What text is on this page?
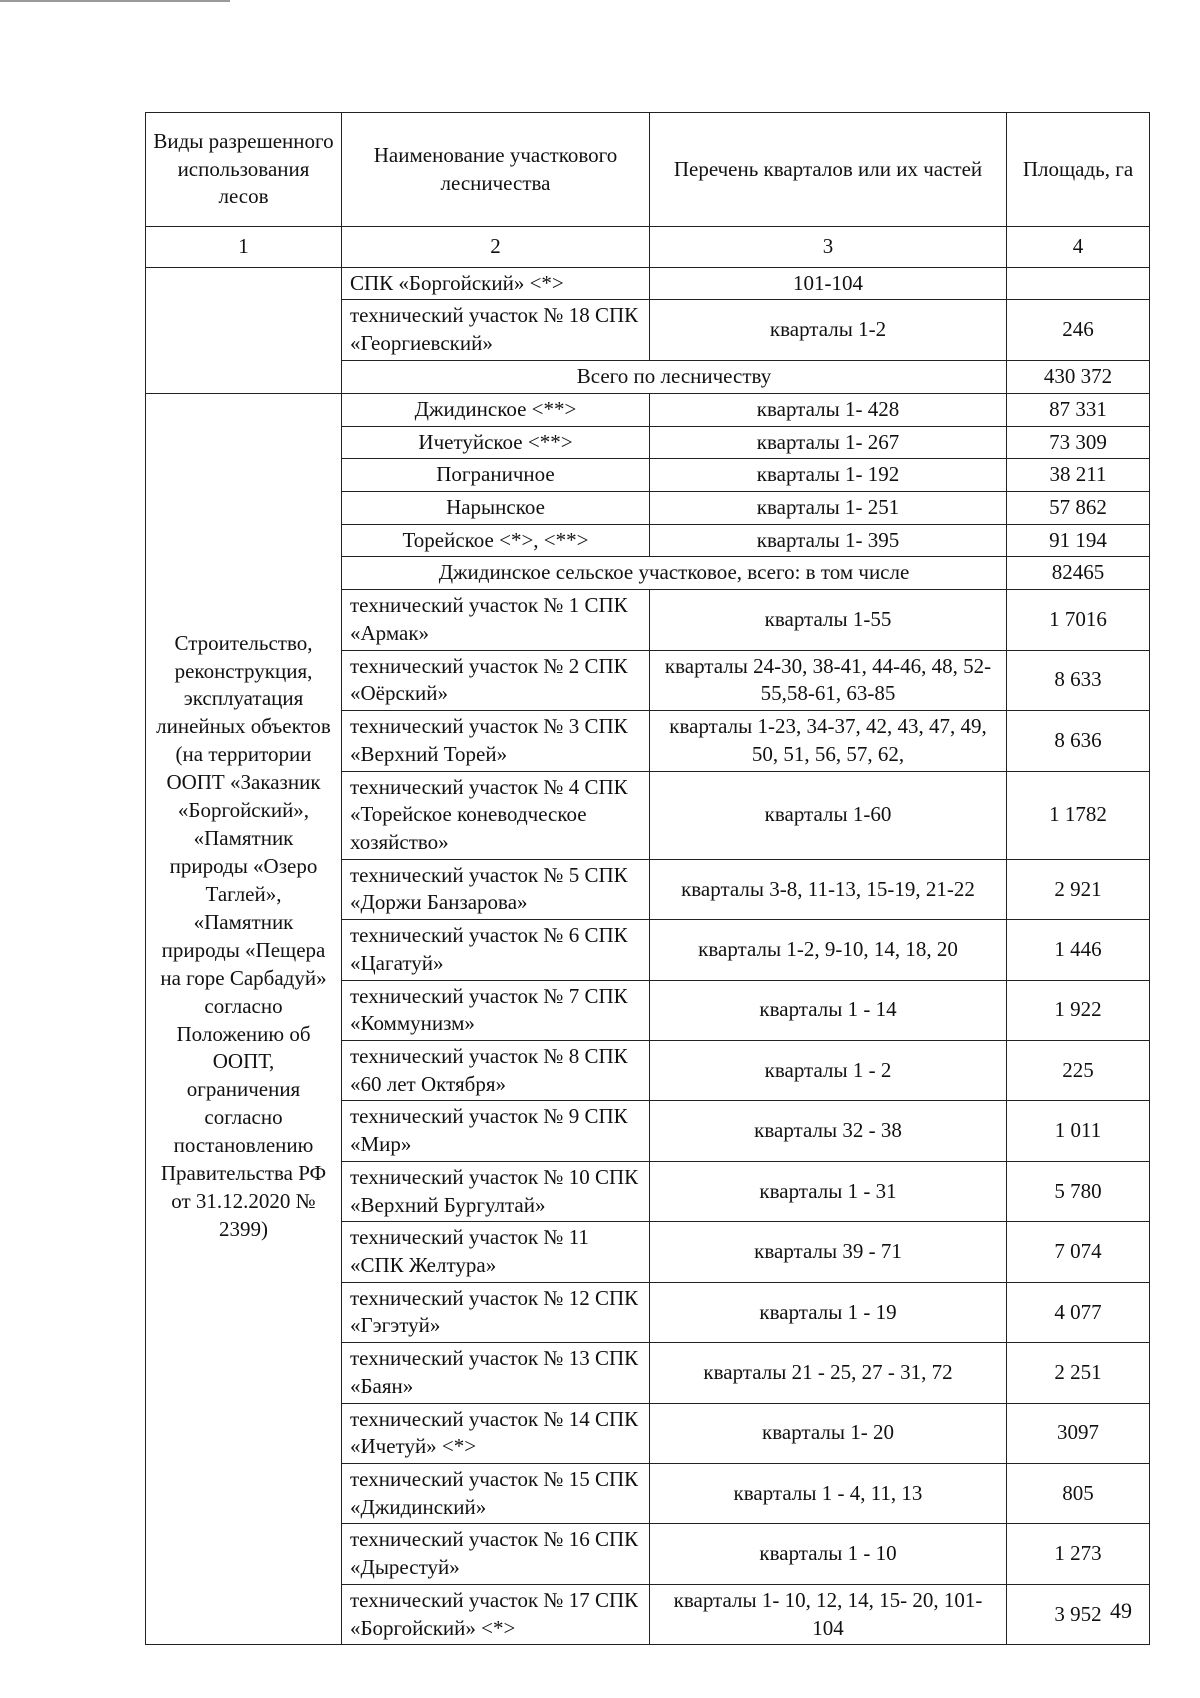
Виды разрешенного использования лесов	Наименование участкового лесничества	Перечень кварталов или их частей	Площадь, га
1	2	3	4
	СПК «Боргойский» <*>	101-104	
	технический участок № 18 СПК «Георгиевский»	кварталы 1-2	246
	Всего по лесничеству		430 372
Строительство, реконструкция, эксплуатация линейных объектов (на территории ООПТ «Заказник «Боргойский», «Памятник природы «Озеро Таглей», «Памятник природы «Пещера на горе Сарбадуй» согласно Положению об ООПТ, ограничения согласно постановлению Правительства РФ от 31.12.2020 № 2399)	Джидинское <**>	кварталы 1- 428	87 331
	Ичетуйское <**>	кварталы 1- 267	73 309
	Пограничное	кварталы 1- 192	38 211
	Нарынское	кварталы 1- 251	57 862
	Торейское <*>, <**>	кварталы 1- 395	91 194
	Джидинское сельское участковое, всего: в том числе		82465
	технический участок № 1 СПК «Армак»	кварталы 1-55	1 7016
	технический участок № 2 СПК «Оёрский»	кварталы 24-30, 38-41, 44-46, 48, 52-55,58-61, 63-85	8 633
	технический участок № 3 СПК «Верхний Торей»	кварталы 1-23, 34-37, 42, 43, 47, 49, 50, 51, 56, 57, 62,	8 636
	технический участок № 4 СПК «Торейское коневодческое хозяйство»	кварталы 1-60	1 1782
	технический участок № 5 СПК «Доржи Банзарова»	кварталы 3-8, 11-13, 15-19, 21-22	2 921
	технический участок № 6 СПК «Цагатуй»	кварталы 1-2, 9-10, 14, 18, 20	1 446
	технический участок № 7 СПК «Коммунизм»	кварталы 1 - 14	1 922
	технический участок № 8 СПК «60 лет Октября»	кварталы 1 - 2	225
	технический участок № 9 СПК «Мир»	кварталы 32 - 38	1 011
	технический участок № 10 СПК «Верхний Бургултай»	кварталы 1 - 31	5 780
	технический участок № 11 «СПК Желтура»	кварталы 39 - 71	7 074
	технический участок № 12 СПК «Гэгэтуй»	кварталы 1 - 19	4 077
	технический участок № 13 СПК «Баян»	кварталы 21 - 25, 27 - 31, 72	2 251
	технический участок № 14 СПК «Ичетуй» <*>	кварталы 1- 20	3097
	технический участок № 15 СПК «Джидинский»	кварталы 1 - 4, 11, 13	805
	технический участок № 16 СПК «Дырестуй»	кварталы 1 - 10	1 273
	технический участок № 17 СПК «Боргойский» <*>	кварталы 1- 10, 12, 14, 15- 20, 101-104	3 952 49
